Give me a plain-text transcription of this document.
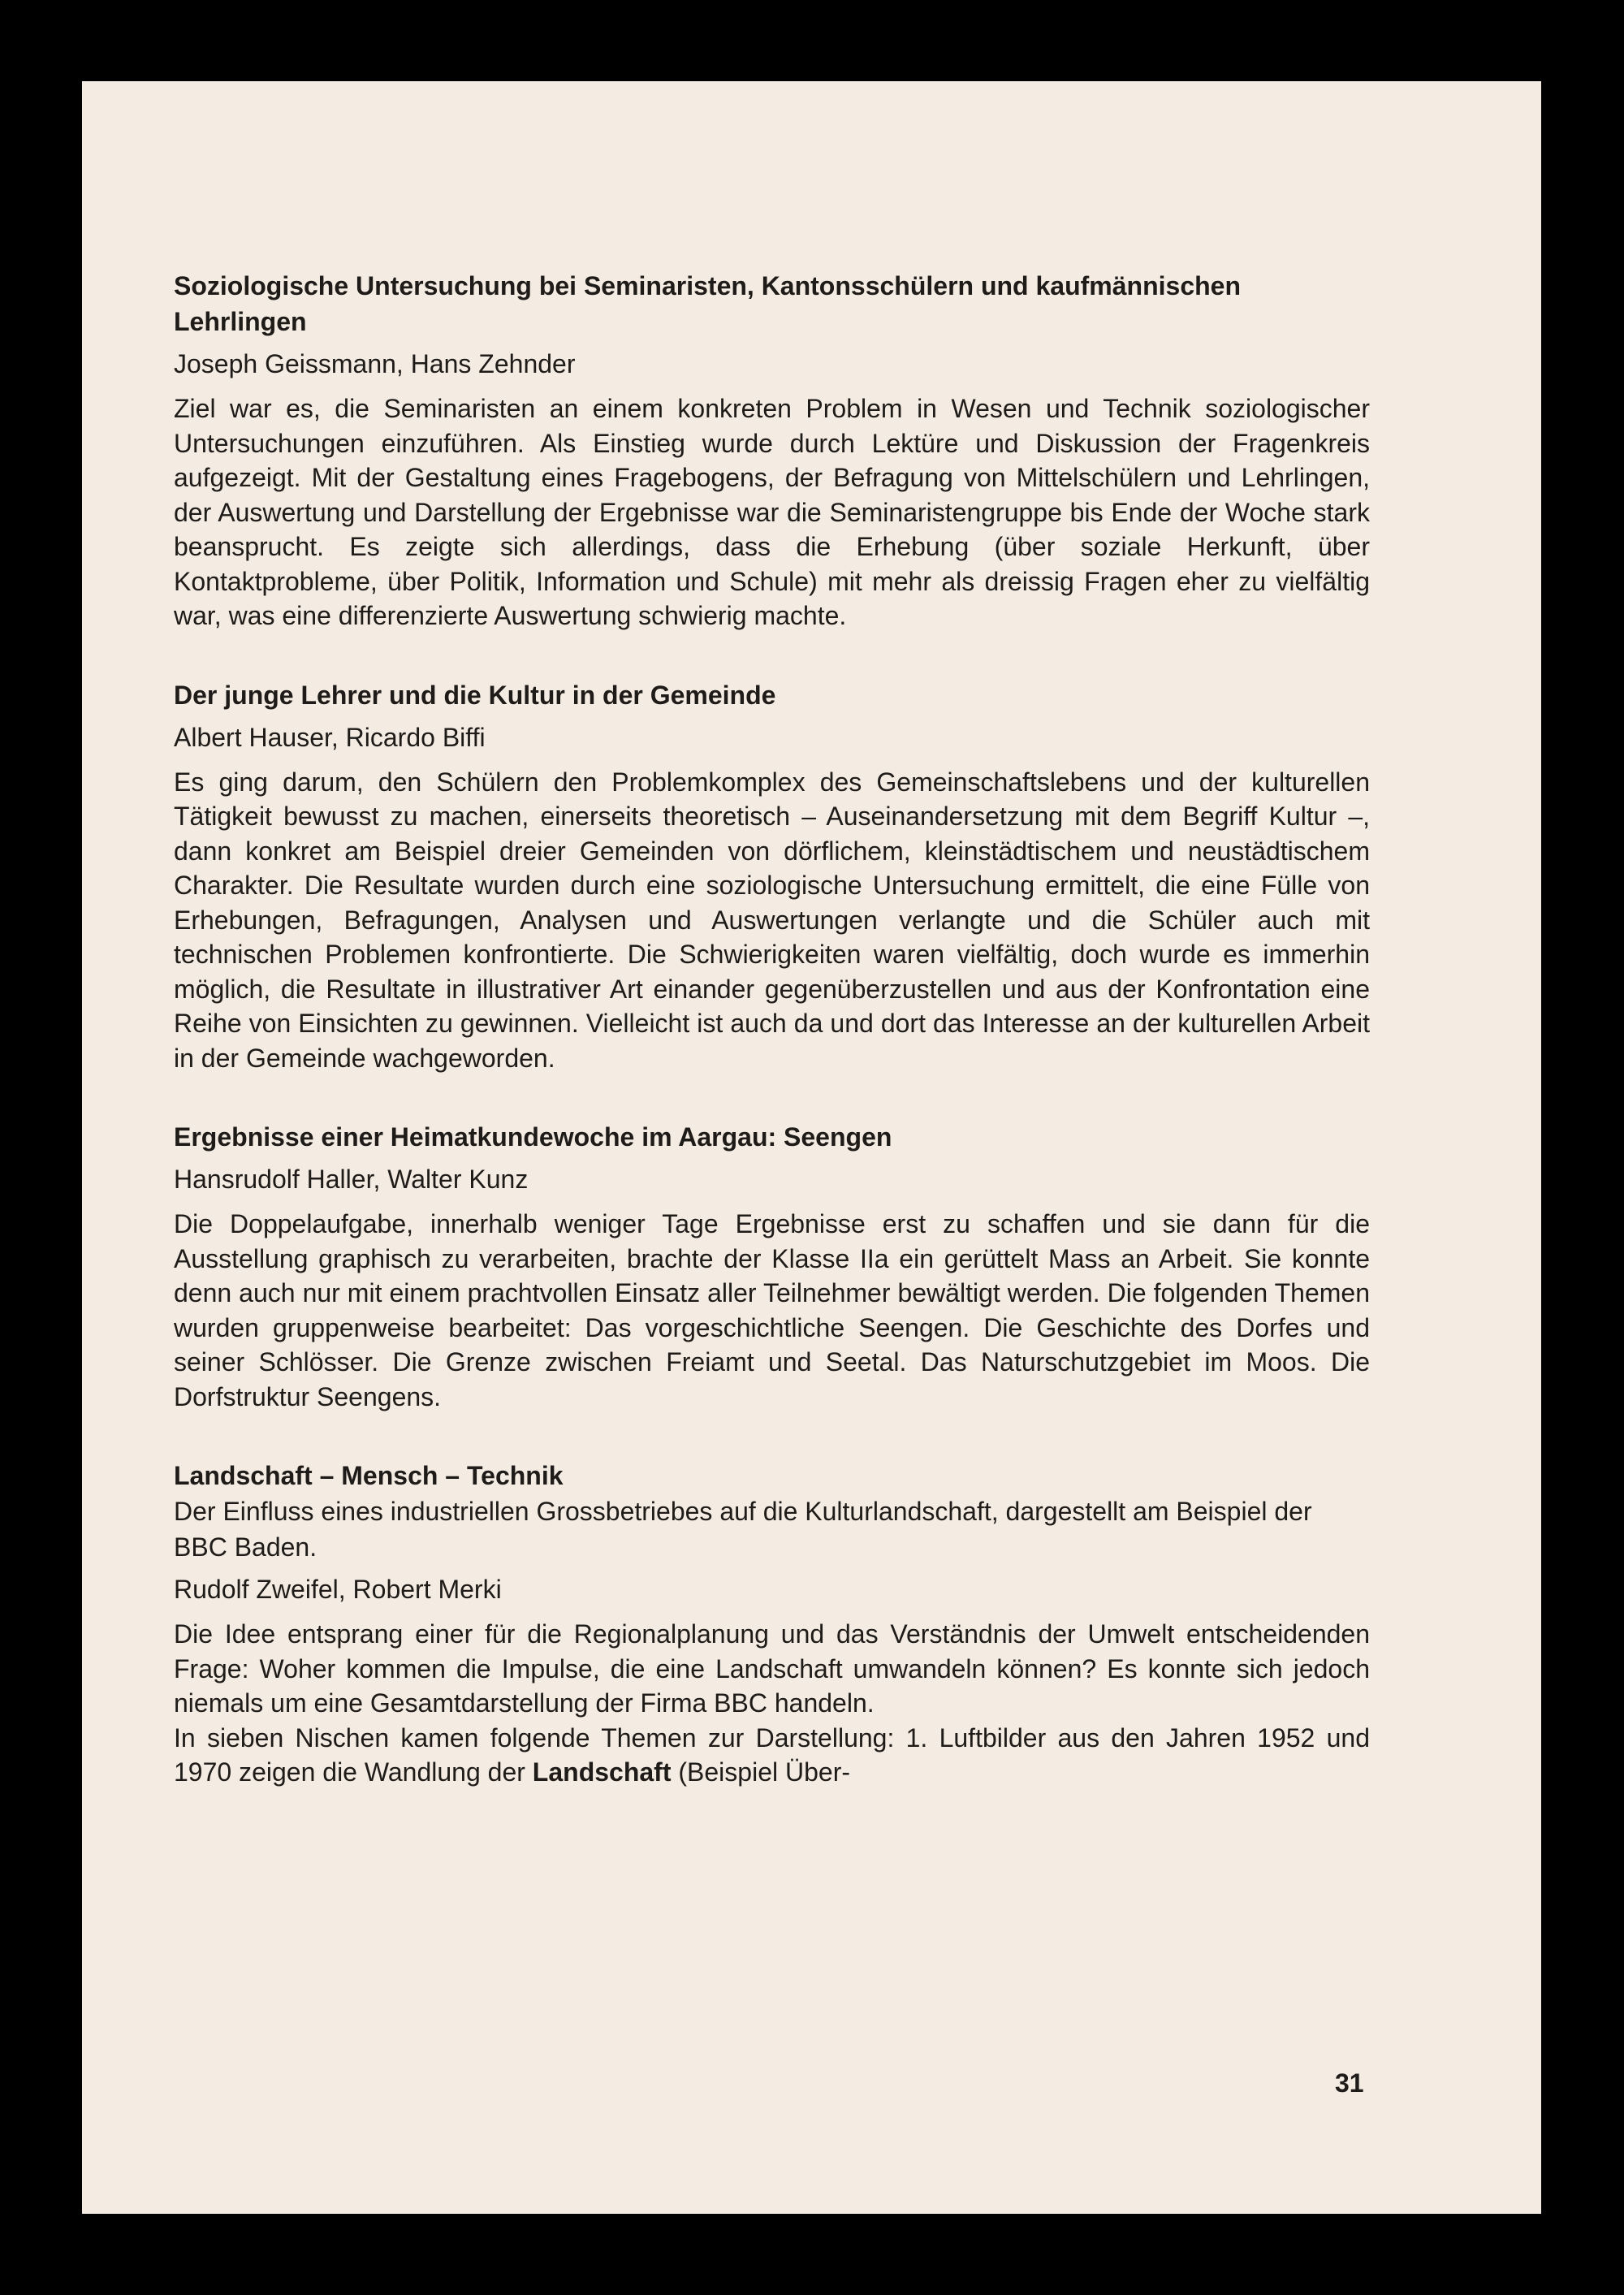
Soziologische Untersuchung bei Seminaristen, Kantonsschülern und kaufmännischen Lehrlingen

Joseph Geissmann, Hans Zehnder

Ziel war es, die Seminaristen an einem konkreten Problem in Wesen und Technik soziologischer Untersuchungen einzuführen. Als Einstieg wurde durch Lektüre und Diskussion der Fragenkreis aufgezeigt. Mit der Gestaltung eines Fragebogens, der Befragung von Mittelschülern und Lehrlingen, der Auswertung und Darstellung der Ergebnisse war die Seminaristengruppe bis Ende der Woche stark beansprucht. Es zeigte sich allerdings, dass die Erhebung (über soziale Herkunft, über Kontaktprobleme, über Politik, Information und Schule) mit mehr als dreissig Fragen eher zu vielfältig war, was eine differenzierte Auswertung schwierig machte.

Der junge Lehrer und die Kultur in der Gemeinde

Albert Hauser, Ricardo Biffi

Es ging darum, den Schülern den Problemkomplex des Gemeinschaftslebens und der kulturellen Tätigkeit bewusst zu machen, einerseits theoretisch – Auseinandersetzung mit dem Begriff Kultur –, dann konkret am Beispiel dreier Gemeinden von dörflichem, kleinstädtischem und neustädtischem Charakter. Die Resultate wurden durch eine soziologische Untersuchung ermittelt, die eine Fülle von Erhebungen, Befragungen, Analysen und Auswertungen verlangte und die Schüler auch mit technischen Problemen konfrontierte. Die Schwierigkeiten waren vielfältig, doch wurde es immerhin möglich, die Resultate in illustrativer Art einander gegenüberzustellen und aus der Konfrontation eine Reihe von Einsichten zu gewinnen. Vielleicht ist auch da und dort das Interesse an der kulturellen Arbeit in der Gemeinde wachgeworden.

Ergebnisse einer Heimatkundewoche im Aargau: Seengen

Hansrudolf Haller, Walter Kunz

Die Doppelaufgabe, innerhalb weniger Tage Ergebnisse erst zu schaffen und sie dann für die Ausstellung graphisch zu verarbeiten, brachte der Klasse IIa ein gerüttelt Mass an Arbeit. Sie konnte denn auch nur mit einem prachtvollen Einsatz aller Teilnehmer bewältigt werden. Die folgenden Themen wurden gruppenweise bearbeitet: Das vorgeschichtliche Seengen. Die Geschichte des Dorfes und seiner Schlösser. Die Grenze zwischen Freiamt und Seetal. Das Naturschutzgebiet im Moos. Die Dorfstruktur Seengens.

Landschaft – Mensch – Technik

Der Einfluss eines industriellen Grossbetriebes auf die Kulturlandschaft, dargestellt am Beispiel der BBC Baden.

Rudolf Zweifel, Robert Merki

Die Idee entsprang einer für die Regionalplanung und das Verständnis der Umwelt entscheidenden Frage: Woher kommen die Impulse, die eine Landschaft umwandeln können? Es konnte sich jedoch niemals um eine Gesamtdarstellung der Firma BBC handeln.

In sieben Nischen kamen folgende Themen zur Darstellung: 1. Luftbilder aus den Jahren 1952 und 1970 zeigen die Wandlung der Landschaft (Beispiel Über-

31
